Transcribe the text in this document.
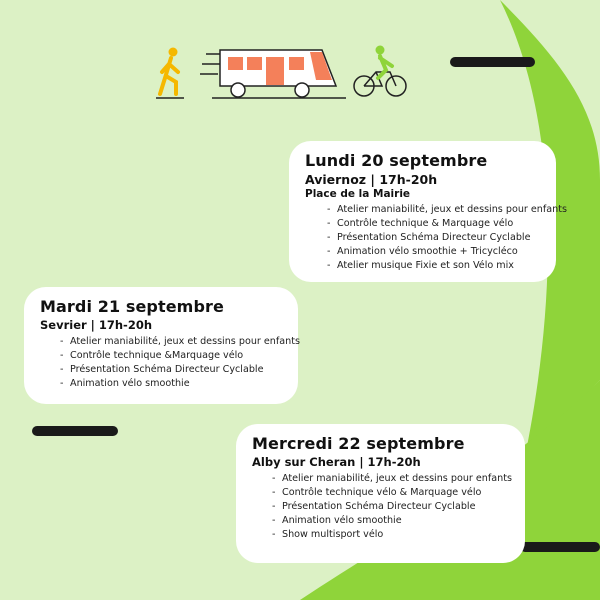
Lundi 20 septembre

Aviernoz | 17h-20h

Place de la Mairie

- Atelier maniabilité, jeux et dessins pour enfants
- Contrôle technique & Marquage vélo
- Présentation Schéma Directeur Cyclable
- Animation vélo smoothie + Tricycléco
- Atelier musique Fixie et son Vélo mix
Mardi 21 septembre

Sevrier | 17h-20h

- Atelier maniabilité, jeux et dessins pour enfants
- Contrôle technique &Marquage vélo
- Présentation Schéma Directeur Cyclable
- Animation vélo smoothie
Mercredi 22 septembre

Alby sur Cheran | 17h-20h

- Atelier maniabilité, jeux et dessins pour enfants
- Contrôle technique vélo & Marquage vélo
- Présentation Schéma Directeur Cyclable
- Animation vélo smoothie
- Show multisport vélo
